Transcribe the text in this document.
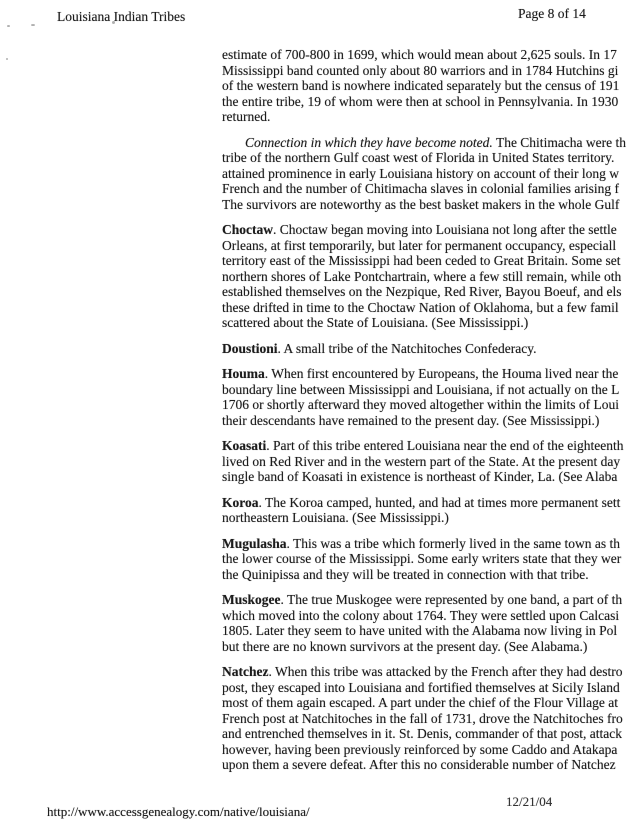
Louisiana Indian Tribes	Page 8 of 14
estimate of 700-800 in 1699, which would mean about 2,625 souls. In 17
Mississippi band counted only about 80 warriors and in 1784 Hutchins gi
of the western band is nowhere indicated separately but the census of 191
the entire tribe, 19 of whom were then at school in Pennsylvania. In 1930
returned.
Connection in which they have become noted. The Chitimacha were th
tribe of the northern Gulf coast west of Florida in United States territory.
attained prominence in early Louisiana history on account of their long w
French and the number of Chitimacha slaves in colonial families arising f
The survivors are noteworthy as the best basket makers in the whole Gulf
Choctaw. Choctaw began moving into Louisiana not long after the settle
Orleans, at first temporarily, but later for permanent occupancy, especiall
territory east of the Mississippi had been ceded to Great Britain. Some set
northern shores of Lake Pontchartrain, where a few still remain, while oth
established themselves on the Nezpique, Red River, Bayou Boeuf, and els
these drifted in time to the Choctaw Nation of Oklahoma, but a few famil
scattered about the State of Louisiana. (See Mississippi.)
Doustioni. A small tribe of the Natchitoches Confederacy.
Houma. When first encountered by Europeans, the Houma lived near the
boundary line between Mississippi and Louisiana, if not actually on the L
1706 or shortly afterward they moved altogether within the limits of Loui
their descendants have remained to the present day. (See Mississippi.)
Koasati. Part of this tribe entered Louisiana near the end of the eighteenth
lived on Red River and in the western part of the State. At the present day
single band of Koasati in existence is northeast of Kinder, La. (See Alaba
Koroa. The Koroa camped, hunted, and had at times more permanent sett
northeastern Louisiana. (See Mississippi.)
Mugulasha. This was a tribe which formerly lived in the same town as th
the lower course of the Mississippi. Some early writers state that they wer
the Quinipissa and they will be treated in connection with that tribe.
Muskogee. The true Muskogee were represented by one band, a part of th
which moved into the colony about 1764. They were settled upon Calcasi
1805. Later they seem to have united with the Alabama now living in Pol
but there are no known survivors at the present day. (See Alabama.)
Natchez. When this tribe was attacked by the French after they had destro
post, they escaped into Louisiana and fortified themselves at Sicily Island
most of them again escaped. A part under the chief of the Flour Village at
French post at Natchitoches in the fall of 1731, drove the Natchitoches fro
and entrenched themselves in it. St. Denis, commander of that post, attack
however, having been previously reinforced by some Caddo and Atakapa
upon them a severe defeat. After this no considerable number of Natchez
http://www.accessgenealogy.com/native/louisiana/
12/21/04
